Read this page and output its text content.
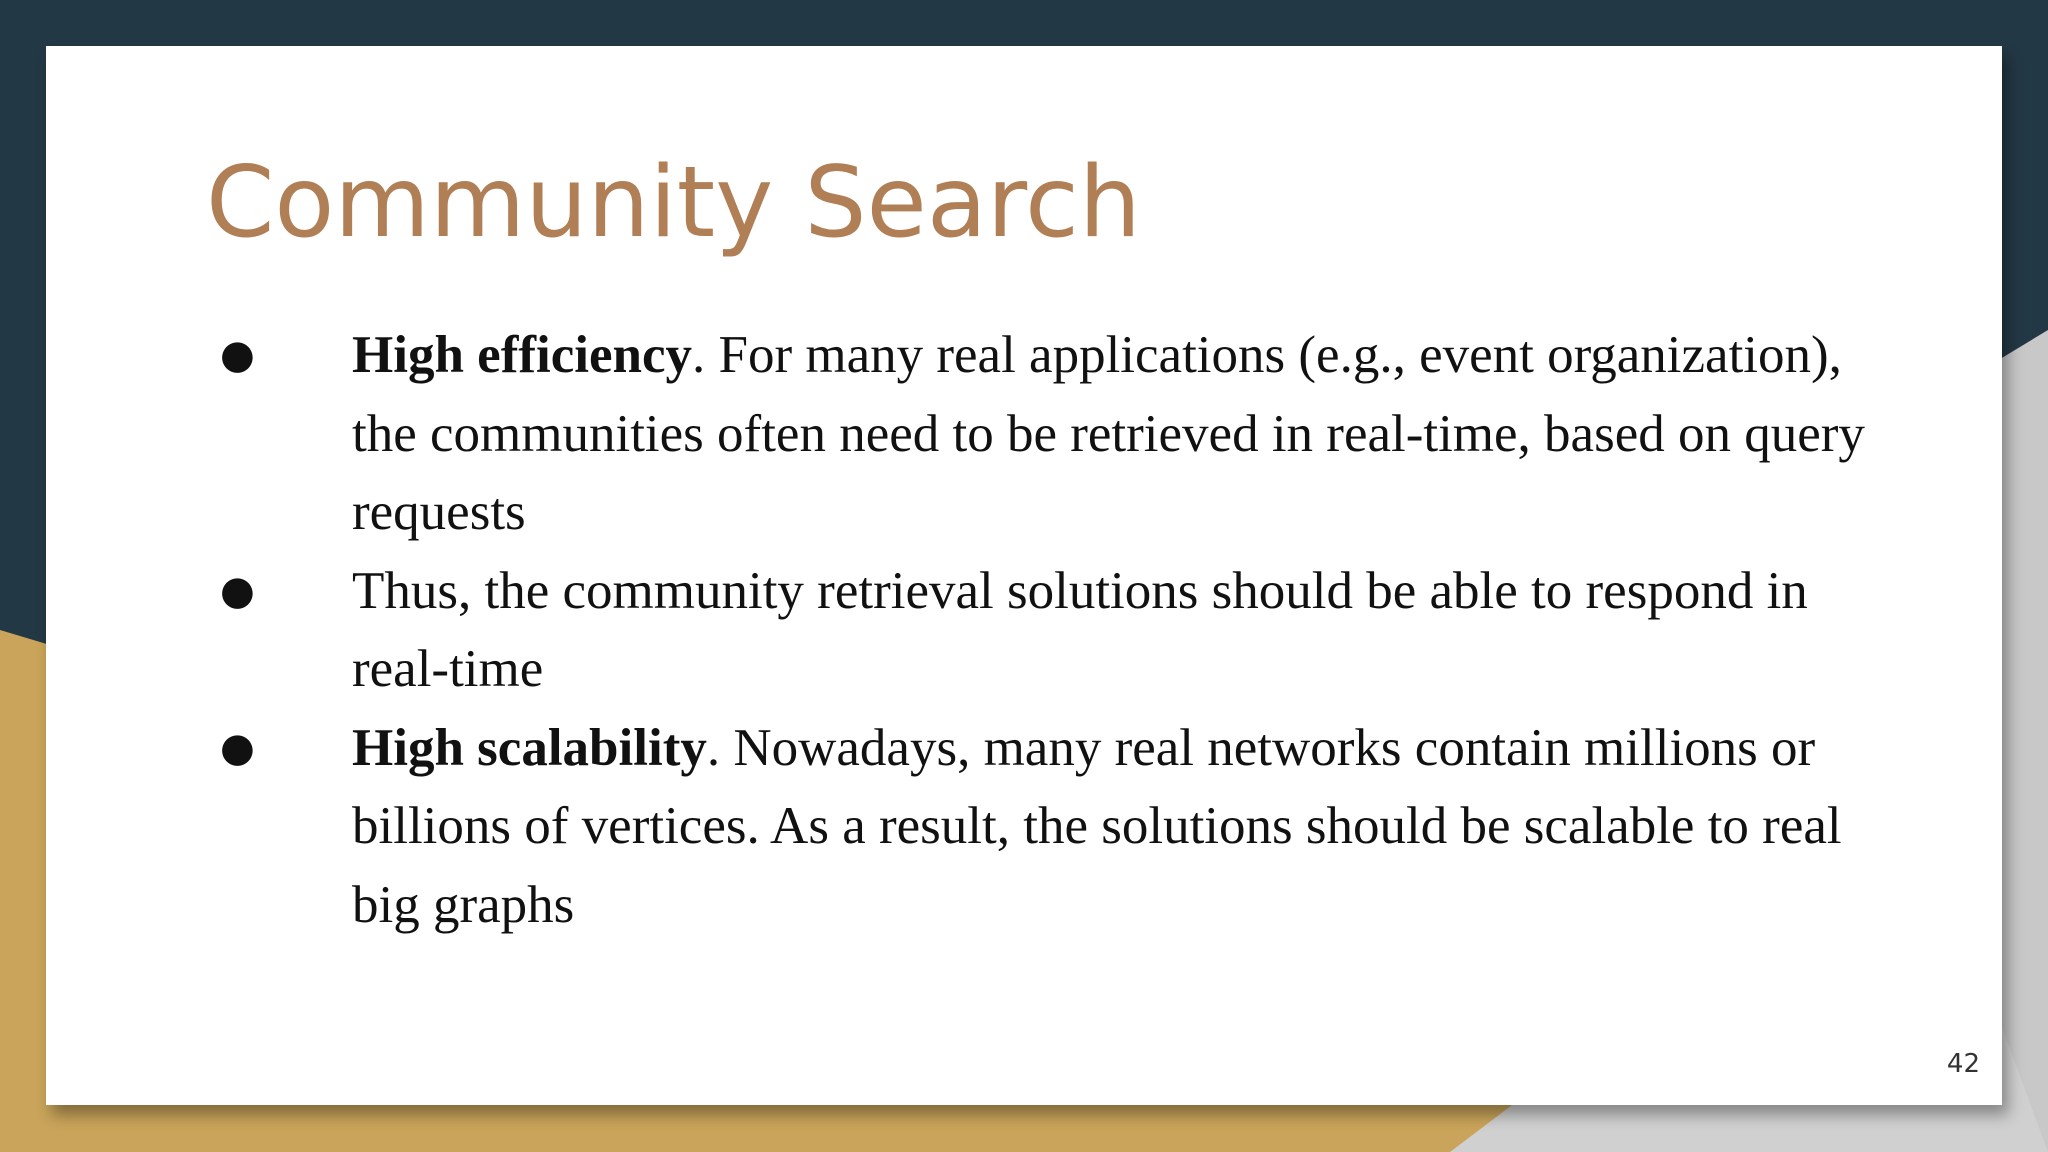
Community Search
● High efficiency. For many real applications (e.g., event organization), the communities often need to be retrieved in real-time, based on query requests
● Thus, the community retrieval solutions should be able to respond in real-time
● High scalability. Nowadays, many real networks contain millions or billions of vertices. As a result, the solutions should be scalable to real big graphs
42
